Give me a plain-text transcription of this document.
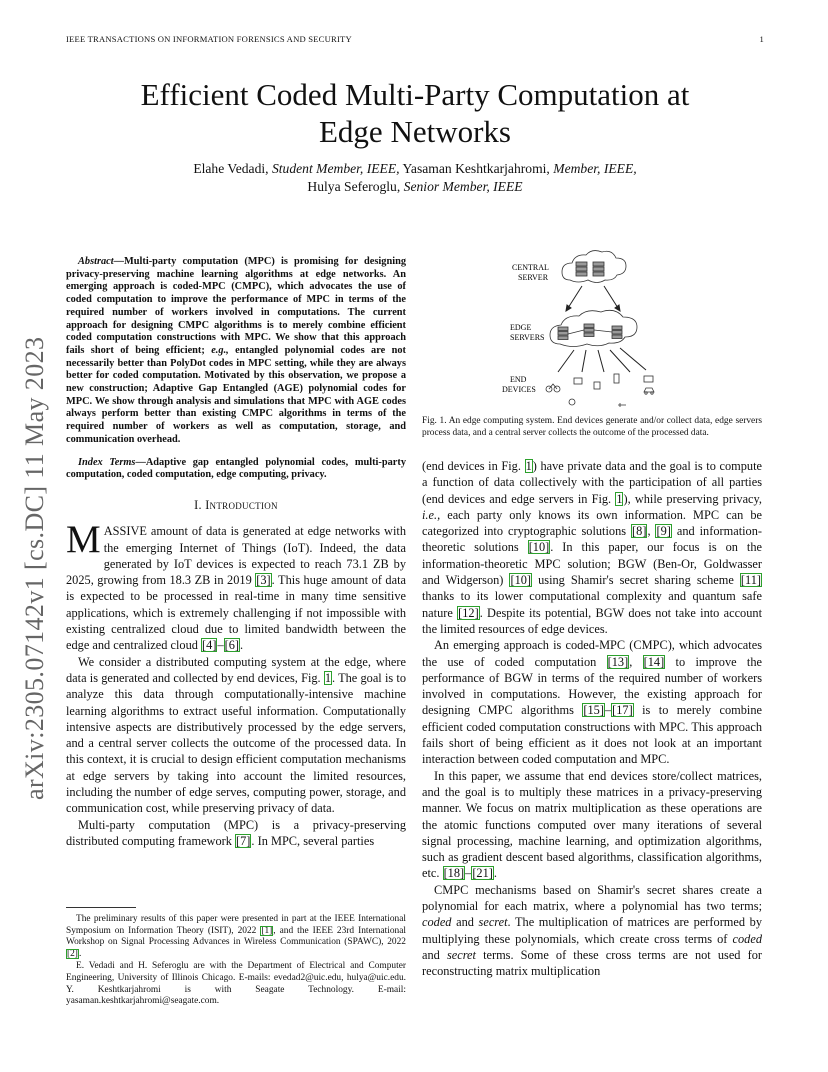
IEEE TRANSACTIONS ON INFORMATION FORENSICS AND SECURITY	1
Efficient Coded Multi-Party Computation at
Edge Networks
Elahe Vedadi, Student Member, IEEE, Yasaman Keshtkarjahromi, Member, IEEE,
Hulya Seferoglu, Senior Member, IEEE
arXiv:2305.07142v1 [cs.DC] 11 May 2023

Abstract—Multi-party computation (MPC) is promising for designing privacy-preserving machine learning algorithms at edge networks. An emerging approach is coded-MPC (CMPC), which advocates the use of coded computation to improve the performance of MPC in terms of the required number of workers involved in computations. The current approach for designing CMPC algorithms is to merely combine efficient coded computation constructions with MPC. We show that this approach fails short of being efficient; e.g., entangled polynomial codes are not necessarily better than PolyDot codes in MPC setting, while they are always better for coded computation. Motivated by this observation, we propose a new construction; Adaptive Gap Entangled (AGE) polynomial codes for MPC. We show through analysis and simulations that MPC with AGE codes always perform better than existing CMPC algorithms in terms of the required number of workers as well as computation, storage, and communication overhead.

Index Terms—Adaptive gap entangled polynomial codes, multi-party computation, coded computation, edge computing, privacy.

I. Introduction

MASSIVE amount of data is generated at edge networks with the emerging Internet of Things (IoT). Indeed, the data generated by IoT devices is expected to reach 73.1 ZB by 2025, growing from 18.3 ZB in 2019 [3]. This huge amount of data is expected to be processed in real-time in many time sensitive applications, which is extremely challenging if not impossible with existing centralized cloud due to limited bandwidth between the edge and centralized cloud [4]–[6].

We consider a distributed computing system at the edge, where data is generated and collected by end devices, Fig. 1. The goal is to analyze this data through computationally-intensive machine learning algorithms to extract useful information. Computationally intensive aspects are distributively processed by the edge servers, and a central server collects the outcome of the processed data. In this context, it is crucial to design efficient computation mechanisms at edge servers by taking into account the limited resources, including the number of edge serves, computing power, storage, and communication cost, while preserving privacy of data.

Multi-party computation (MPC) is a privacy-preserving distributed computing framework [7]. In MPC, several parties

The preliminary results of this paper were presented in part at the IEEE International Symposium on Information Theory (ISIT), 2022 [1], and the IEEE 23rd International Workshop on Signal Processing Advances in Wireless Communication (SPAWC), 2022 [2].

E. Vedadi and H. Seferoglu are with the Department of Electrical and Computer Engineering, University of Illinois Chicago. E-mails: evedad2@uic.edu, hulya@uic.edu. Y. Keshtkarjahromi is with Seagate Technology. E-mail: yasaman.keshtkarjahromi@seagate.com.

CENTRAL
SERVER
EDGE
SERVERS
END
DEVICES
Fig. 1. An edge computing system. End devices generate and/or collect data, edge servers process data, and a central server collects the outcome of the processed data.

(end devices in Fig. 1) have private data and the goal is to compute a function of data collectively with the participation of all parties (end devices and edge servers in Fig. 1), while preserving privacy, i.e., each party only knows its own information. MPC can be categorized into cryptographic solutions [8], [9] and information-theoretic solutions [10]. In this paper, our focus is on the information-theoretic MPC solution; BGW (Ben-Or, Goldwasser and Widgerson) [10] using Shamir's secret sharing scheme [11] thanks to its lower computational complexity and quantum safe nature [12]. Despite its potential, BGW does not take into account the limited resources of edge devices.

An emerging approach is coded-MPC (CMPC), which advocates the use of coded computation [13], [14] to improve the performance of BGW in terms of the required number of workers involved in computations. However, the existing approach for designing CMPC algorithms [15]–[17] is to merely combine efficient coded computation constructions with MPC. This approach fails short of being efficient as it does not look at an important interaction between coded computation and MPC.

In this paper, we assume that end devices store/collect matrices, and the goal is to multiply these matrices in a privacy-preserving manner. We focus on matrix multiplication as these operations are the atomic functions computed over many iterations of several signal processing, machine learning, and optimization algorithms, such as gradient descent based algorithms, classification algorithms, etc. [18]–[21].

CMPC mechanisms based on Shamir's secret shares create a polynomial for each matrix, where a polynomial has two terms; coded and secret. The multiplication of matrices are performed by multiplying these polynomials, which create cross terms of coded and secret terms. Some of these cross terms are not used for reconstructing matrix multiplication
